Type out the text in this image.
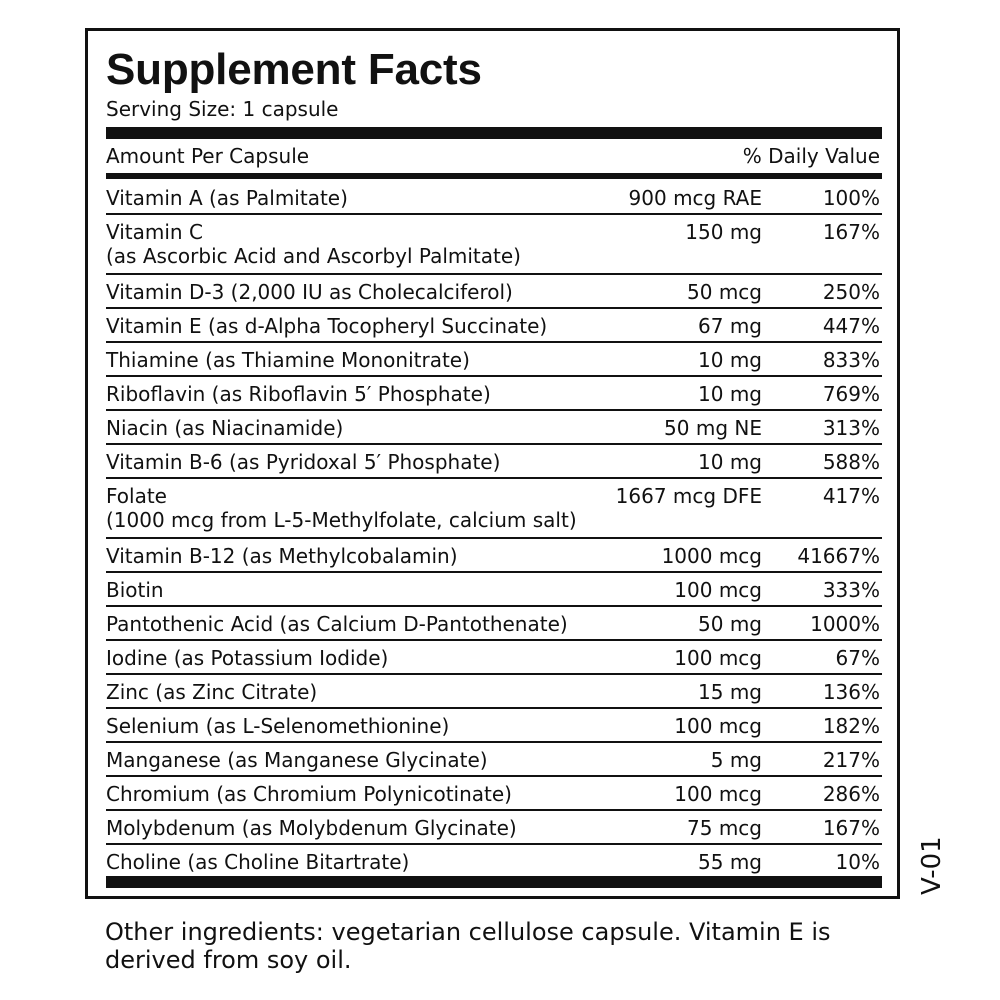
Supplement Facts
Serving Size: 1 capsule
Amount Per Capsule	% Daily Value
Vitamin A (as Palmitate)	900 mcg RAE	100%
Vitamin C
(as Ascorbic Acid and Ascorbyl Palmitate)
150 mg	167%
Vitamin D-3 (2,000 IU as Cholecalciferol)	50 mcg	250%
Vitamin E (as d-Alpha Tocopheryl Succinate)	67 mg	447%
Thiamine (as Thiamine Mononitrate)	10 mg	833%
Riboflavin (as Riboflavin 5′ Phosphate)	10 mg	769%
Niacin (as Niacinamide)	50 mg NE	313%
Vitamin B-6 (as Pyridoxal 5′ Phosphate)	10 mg	588%
Folate
(1000 mcg from L-5-Methylfolate, calcium salt)
1667 mcg DFE	417%
Vitamin B-12 (as Methylcobalamin)	1000 mcg 41667%
Biotin	100 mcg	333%
Pantothenic Acid (as Calcium D-Pantothenate)	50 mg 1000%
Iodine (as Potassium Iodide)	100 mcg	67%
Zinc (as Zinc Citrate)	15 mg	136%
Selenium (as L-Selenomethionine)	100 mcg	182%
Manganese (as Manganese Glycinate)	5 mg	217%
Chromium (as Chromium Polynicotinate)	100 mcg	286%
Molybdenum (as Molybdenum Glycinate)	75 mcg	167%
Choline (as Choline Bitartrate)	55 mg	10% V-01
Other ingredients: vegetarian cellulose capsule. Vitamin E is derived from soy oil.
